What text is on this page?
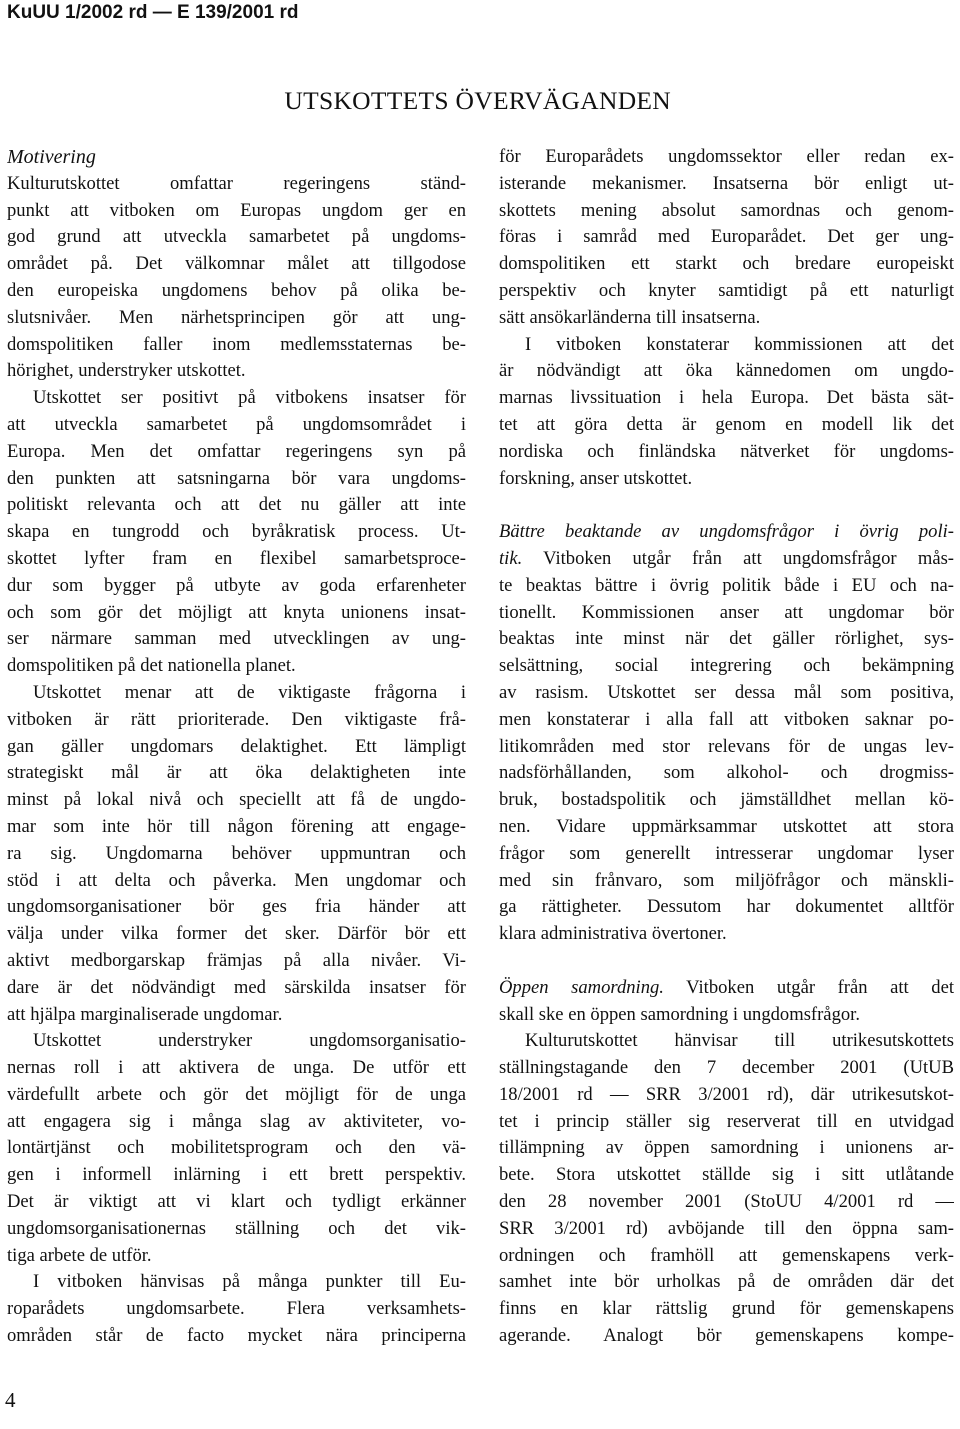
KuUU 1/2002 rd — E 139/2001 rd
UTSKOTTETS ÖVERVÄGANDEN
Motivering
Kulturutskottet omfattar regeringens ständ-
punkt att vitboken om Europas ungdom ger en
god grund att utveckla samarbetet på ungdoms-
området på. Det välkomnar målet att tillgodose
den europeiska ungdomens behov på olika be-
slutsnivåer. Men närhetsprincipen gör att ung-
domspolitiken faller inom medlemsstaternas be-
hörighet, understryker utskottet.
Utskottet ser positivt på vitbokens insatser för
att utveckla samarbetet på ungdomsområdet i
Europa. Men det omfattar regeringens syn på
den punkten att satsningarna bör vara ungdoms-
politiskt relevanta och att det nu gäller att inte
skapa en tungrodd och byråkratisk process. Ut-
skottet lyfter fram en flexibel samarbetsproce-
dur som bygger på utbyte av goda erfarenheter
och som gör det möjligt att knyta unionens insat-
ser närmare samman med utvecklingen av ung-
domspolitiken på det nationella planet.
Utskottet menar att de viktigaste frågorna i
vitboken är rätt prioriterade. Den viktigaste frå-
gan gäller ungdomars delaktighet. Ett lämpligt
strategiskt mål är att öka delaktigheten inte
minst på lokal nivå och speciellt att få de ungdo-
mar som inte hör till någon förening att engage-
ra sig. Ungdomarna behöver uppmuntran och
stöd i att delta och påverka. Men ungdomar och
ungdomsorganisationer bör ges fria händer att
välja under vilka former det sker. Därför bör ett
aktivt medborgarskap främjas på alla nivåer. Vi-
dare är det nödvändigt med särskilda insatser för
att hjälpa marginaliserade ungdomar.
Utskottet understryker ungdomsorganisatio-
nernas roll i att aktivera de unga. De utför ett
värdefullt arbete och gör det möjligt för de unga
att engagera sig i många slag av aktiviteter, vo-
lontärtjänst och mobilitetsprogram och den vä-
gen i informell inlärning i ett brett perspektiv.
Det är viktigt att vi klart och tydligt erkänner
ungdomsorganisationernas ställning och det vik-
tiga arbete de utför.
I vitboken hänvisas på många punkter till Eu-
roparådets ungdomsarbete. Flera verksamhets-
områden står de facto mycket nära principerna
för Europarådets ungdomssektor eller redan ex-
isterande mekanismer. Insatserna bör enligt ut-
skottets mening absolut samordnas och genom-
föras i samråd med Europarådet. Det ger ung-
domspolitiken ett starkt och bredare europeiskt
perspektiv och knyter samtidigt på ett naturligt
sätt ansökarländerna till insatserna.
I vitboken konstaterar kommissionen att det
är nödvändigt att öka kännedomen om ungdo-
marnas livssituation i hela Europa. Det bästa sät-
tet att göra detta är genom en modell lik det
nordiska och finländska nätverket för ungdoms-
forskning, anser utskottet.
Bättre beaktande av ungdomsfrågor i övrig poli-
tik. Vitboken utgår från att ungdomsfrågor mås-
te beaktas bättre i övrig politik både i EU och na-
tionellt. Kommissionen anser att ungdomar bör
beaktas inte minst när det gäller rörlighet, sys-
selsättning, social integrering och bekämpning
av rasism. Utskottet ser dessa mål som positiva,
men konstaterar i alla fall att vitboken saknar po-
litikområden med stor relevans för de ungas lev-
nadsförhållanden, som alkohol- och drogmiss-
bruk, bostadspolitik och jämställdhet mellan kö-
nen. Vidare uppmärksammar utskottet att stora
frågor som generellt intresserar ungdomar lyser
med sin frånvaro, som miljöfrågor och mänskli-
ga rättigheter. Dessutom har dokumentet alltför
klara administrativa övertoner.
Öppen samordning. Vitboken utgår från att det
skall ske en öppen samordning i ungdomsfrågor.
Kulturutskottet hänvisar till utrikesutskottets
ställningstagande den 7 december 2001 (UtUB
18/2001 rd — SRR 3/2001 rd), där utrikesutskot-
tet i princip ställer sig reserverat till en utvidgad
tillämpning av öppen samordning i unionens ar-
bete. Stora utskottet ställde sig i sitt utlåtande
den 28 november 2001 (StoUU 4/2001 rd —
SRR 3/2001 rd) avböjande till den öppna sam-
ordningen och framhöll att gemenskapens verk-
samhet inte bör urholkas på de områden där det
finns en klar rättslig grund för gemenskapens
agerande. Analogt bör gemenskapens kompe-

4
